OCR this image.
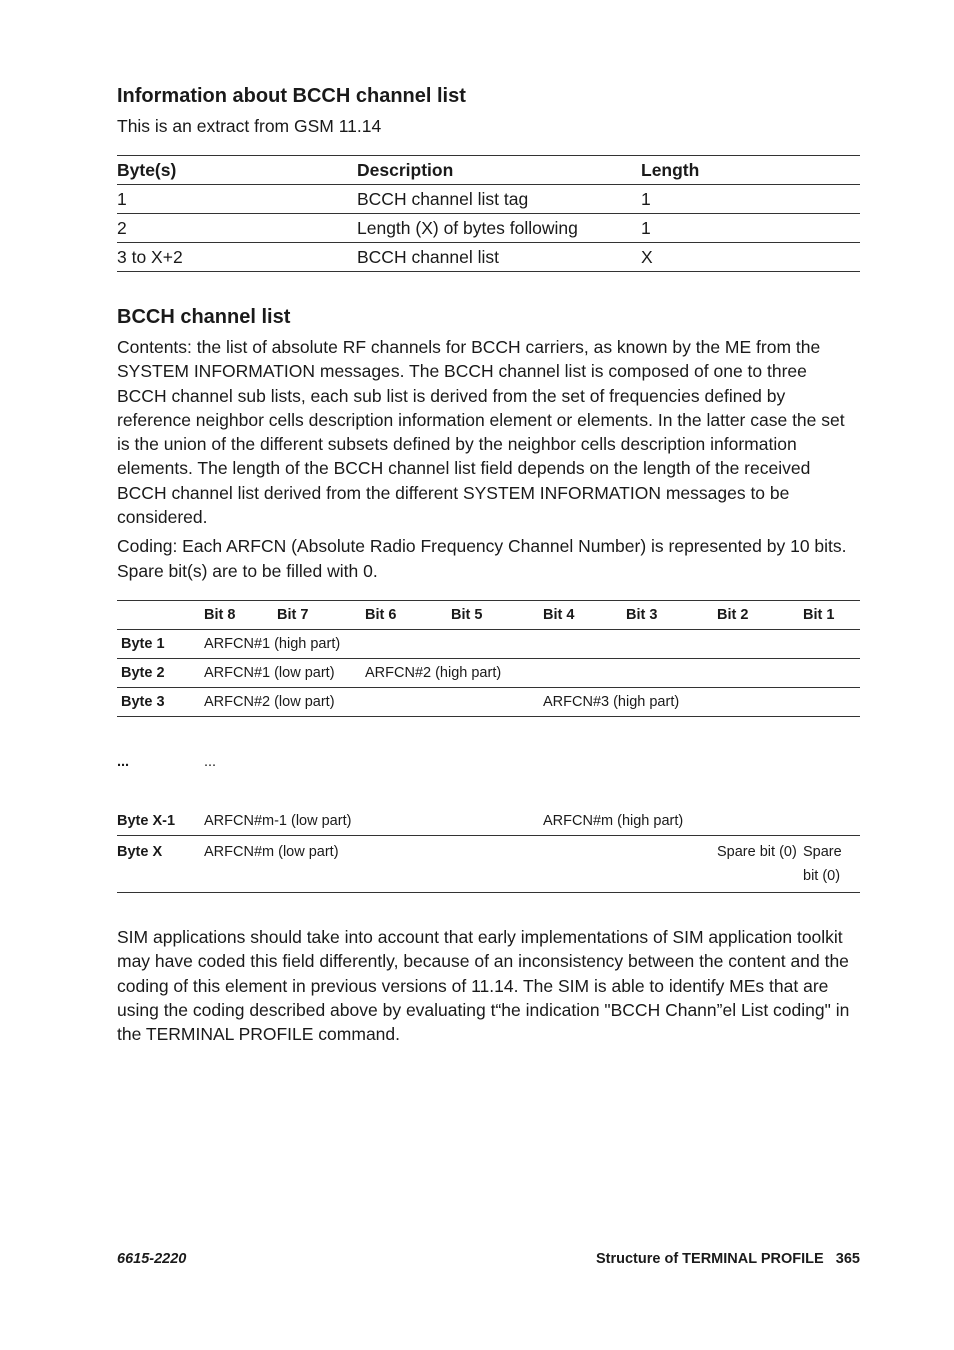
Information about BCCH channel list
This is an extract from GSM 11.14
Byte(s)	Description	Length
1	BCCH channel list tag	1
2	Length (X) of bytes following	1
3 to X+2	BCCH channel list	X
BCCH channel list

Contents: the list of absolute RF channels for BCCH carriers, as known by the ME from the SYSTEM INFORMATION messages. The BCCH channel list is composed of one to three BCCH channel sub lists, each sub list is derived from the set of frequencies defined by reference neighbor cells description information element or elements. In the latter case the set is the union of the different subsets defined by the neighbor cells description information elements. The length of the BCCH channel list field depends on the length of the received BCCH channel list derived from the different SYSTEM INFORMATION messages to be considered.

Coding: Each ARFCN (Absolute Radio Frequency Channel Number) is represented by 10 bits. Spare bit(s) are to be filled with 0.

	Bit 8	Bit 7	Bit 6	Bit 5	Bit 4	Bit 3	Bit 2	Bit 1
Byte 1	ARFCN#1 (high part)							
Byte 2	ARFCN#1 (low part)		ARFCN#2 (high part)					
Byte 3	ARFCN#2 (low part)				ARFCN#3 (high part)			
...	...							
Byte X-1	ARFCN#m-1 (low part)				ARFCN#m (high part)			
Byte X	ARFCN#m (low part)						Spare bit (0)	Spare bit (0)

SIM applications should take into account that early implementations of SIM application toolkit may have coded this field differently, because of an inconsistency between the content and the coding of this element in previous versions of 11.14. The SIM is able to identify MEs that are using the coding described above by evaluating t“he indication "BCCH Chann”el List coding" in the TERMINAL PROFILE command.

6615-2220	Structure of TERMINAL PROFILE 365
